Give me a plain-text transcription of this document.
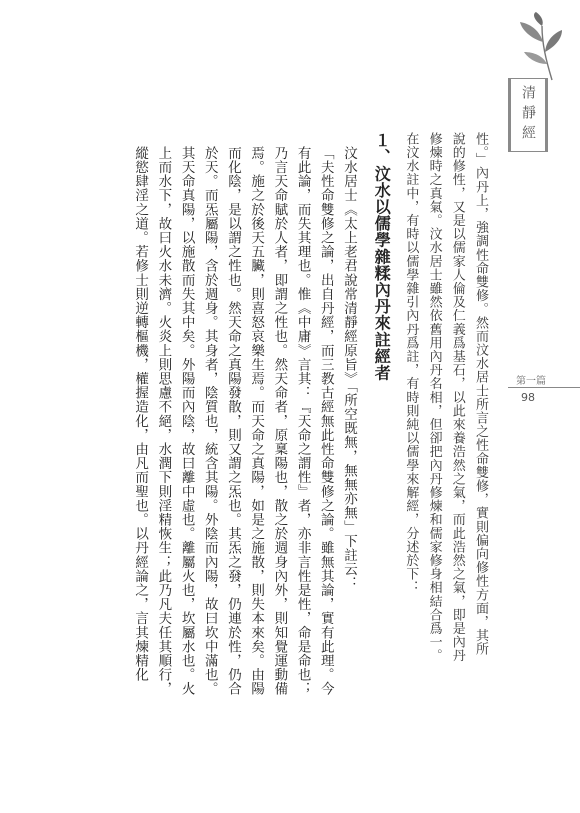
清靜經
第一篇
98

性。」內丹上，強調性命雙修。然而汶水居士所言之性命雙修，實則偏向修性方面，其所

說的修性，又是以儒家人倫及仁義爲基石，以此來養浩然之氣，而此浩然之氣，即是內丹

修煉時之真氣。汶水居士雖然依舊用內丹名相，但卻把內丹修煉和儒家修身相結合爲一。

在汶水註中，有時以儒學雜引內丹爲註，有時則純以儒學來解經，分述於下：

１、汶水以儒學雜糅內丹來註經者

汶水居士《太上老君說常清靜經原旨》「所空既無，無無亦無」下註云：

「夫性命雙修之論，出自丹經，而三教古經無此性命雙修之論。雖無其論，實有此理。今

有此論，而失其理也。惟《中庸》言其：『天命之謂性』者，亦非言性是性，命是命也；

乃言天命賦於人者，即謂之性也。然天命者，原稟陽也，散之於週身內外，則知覺運動備

焉。施之於後天五臟，則喜怒哀樂生焉。而天命之真陽，如是之施散，則失本來矣。由陽

而化陰，是以謂之性也。然天命之真陽發散，則又謂之炁也。其炁之發，仍連於性，仍合

於天。而炁屬陽，含於週身。其身者，陰質也，統含其陽。外陰而內陽，故曰坎中滿也。

其天命真陽，以施散而失其中矣。外陽而內陰，故曰離中虛也。離屬火也，坎屬水也。火

上而水下，故曰火水未濟。火炎上則思慮不絕，水潤下則淫精恢生；此乃凡夫任其順行，

縱慾肆淫之道。若修士則逆轉樞機，權握造化，由凡而聖也。以丹經論之，言其煉精化
